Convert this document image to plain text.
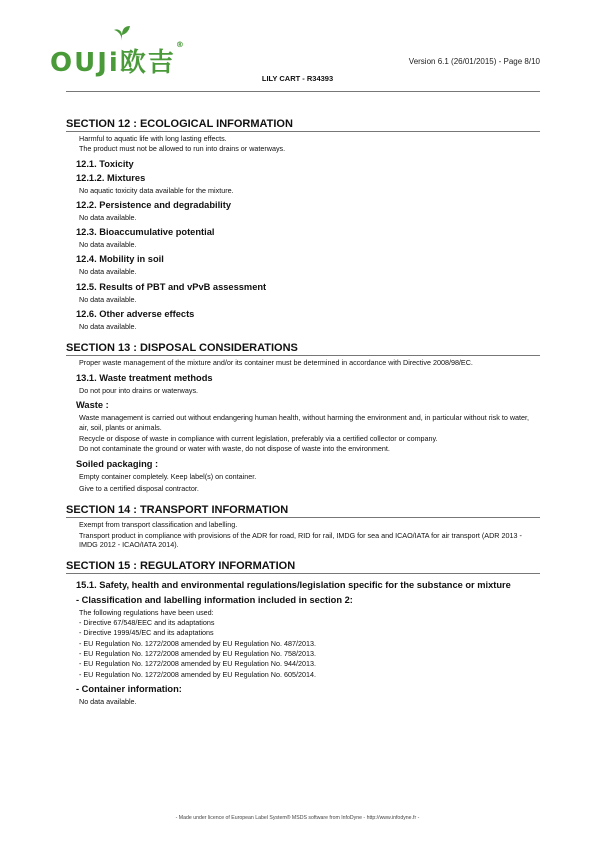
OUJi欧吉®
Version 6.1 (26/01/2015) - Page 8/10
LILY CART - R34393
SECTION 12 : ECOLOGICAL INFORMATION

Harmful to aquatic life with long lasting effects.

The product must not be allowed to run into drains or waterways.

12.1. Toxicity
12.1.2. Mixtures

No aquatic toxicity data available for the mixture.

12.2. Persistence and degradability

No data available.

12.3. Bioaccumulative potential

No data available.

12.4. Mobility in soil

No data available.

12.5. Results of PBT and vPvB assessment

No data available.

12.6. Other adverse effects

No data available.

SECTION 13 : DISPOSAL CONSIDERATIONS

Proper waste management of the mixture and/or its container must be determined in accordance with Directive 2008/98/EC.

13.1. Waste treatment methods

Do not pour into drains or waterways.

Waste :

Waste management is carried out without endangering human health, without harming the environment and, in particular without risk to water, air, soil, plants or animals.

Recycle or dispose of waste in compliance with current legislation, preferably via a certified collector or company.

Do not contaminate the ground or water with waste, do not dispose of waste into the environment.

Soiled packaging :

Empty container completely. Keep label(s) on container.

Give to a certified disposal contractor.

SECTION 14 : TRANSPORT INFORMATION

Exempt from transport classification and labelling.

Transport product in compliance with provisions of the ADR for road, RID for rail, IMDG for sea and ICAO/IATA for air transport (ADR 2013 - IMDG 2012 - ICAO/IATA 2014).

SECTION 15 : REGULATORY INFORMATION
15.1. Safety, health and environmental regulations/legislation specific for the substance or mixture
- Classification and labelling information included in section 2:

The following regulations have been used:

- Directive 67/548/EEC and its adaptations

- Directive 1999/45/EC and its adaptations

- EU Regulation No. 1272/2008 amended by EU Regulation No. 487/2013.

- EU Regulation No. 1272/2008 amended by EU Regulation No. 758/2013.

- EU Regulation No. 1272/2008 amended by EU Regulation No. 944/2013.

- EU Regulation No. 1272/2008 amended by EU Regulation No. 605/2014.

- Container information:

No data available.

- Made under licence of European Label System® MSDS software from InfoDyne - http://www.infodyne.fr -
